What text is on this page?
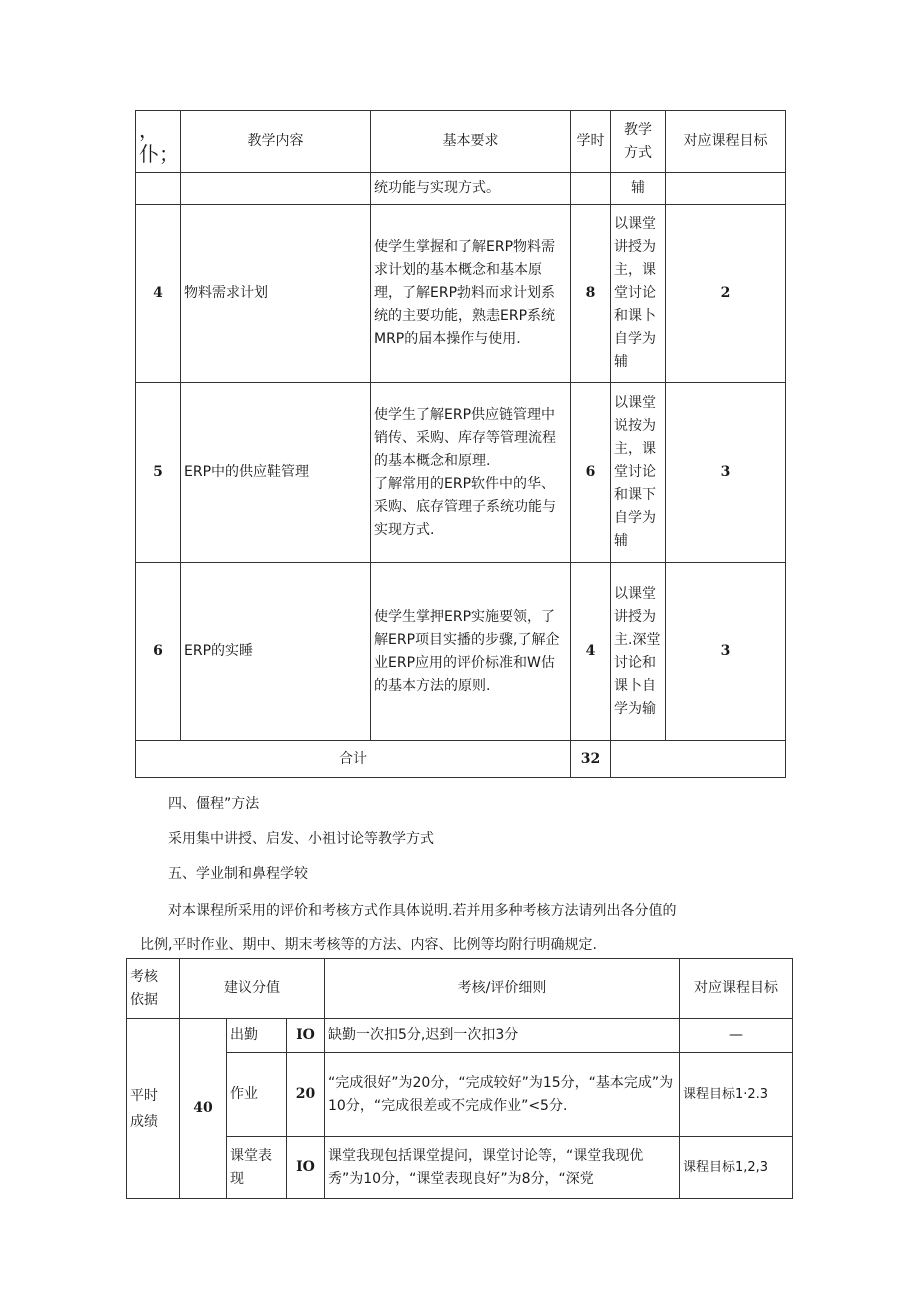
，
仆；	教学内容	基本要求	学时	教学
方式	对应课程目标
		统功能与实现方式。		辅	
4	物料需求计划	使学生掌握和了解ERP物料需求计划的基本概念和基本原理，了解ERP勃料而求计划系统的主要功能，熟恚ERP系统MRP的届本操作与使用.	8	以课堂讲授为主，课堂讨论和课卜自学为辅	2
5	ERP中的供应鞋管理	使学生了解ERP供应链管理中销传、采购、库存等管理流程的基本概念和原理.
了解常用的ERP软件中的华、采购、底存管理子系统功能与实现方式.	6	以课堂说按为主，课堂讨论和课下自学为辅	3
6	ERP的实睡	使学生掌押ERP实施要领，了解ERP项目实播的步骤,了解企业ERP应用的评价标准和W估的基本方法的原则.	4	以课堂讲授为主.深堂讨论和课卜自学为输	3
合计			32		
四、僵程”方法
采用集中讲授、启发、小祖讨论等教学方式
五、学业制和鼻程学较
对本课程所采用的评价和考核方式作具体说明.若并用多种考核方法请列出各分值的
比例,平时作业、期中、期末考核等的方法、内容、比例等均附行明确规定.
考核
依据	建议分值			考核/评价细则	对应课程目标
平时
成绩	40	出勤	IO	缺勤一次扣5分,迟到一次扣3分	—
		作业	20	“完成很好”为20分，“完成较好”为15分，“基本完成”为10分，“完成很差或不完成作业”<5分.	课程目标1·2.3
		课堂表现	IO	课堂我现包括课堂提问，课堂讨论等，“课堂我现优秀”为10分，“课堂表现良好”为8分，“深党	课程目标1,2,3
